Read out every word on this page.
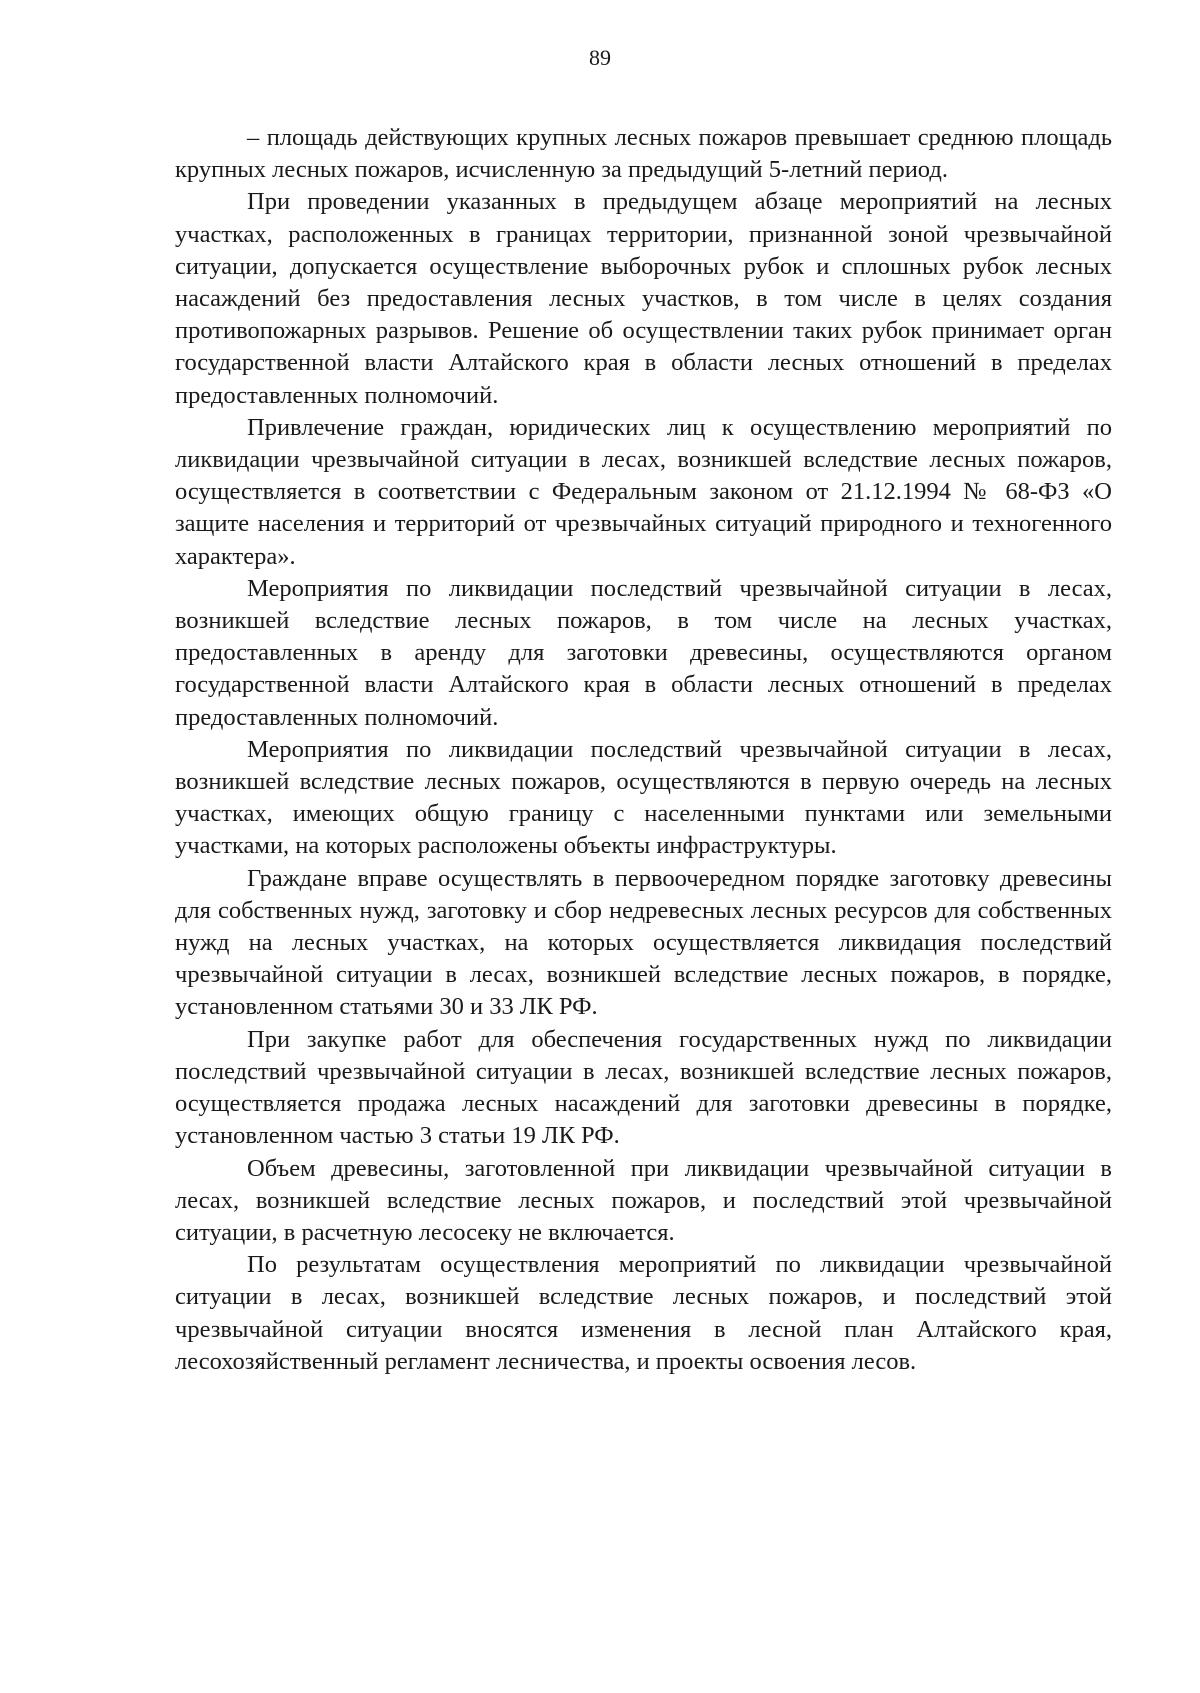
89

– площадь действующих крупных лесных пожаров превышает среднюю площадь крупных лесных пожаров, исчисленную за предыдущий 5-летний период.

При проведении указанных в предыдущем абзаце мероприятий на лесных участках, расположенных в границах территории, признанной зоной чрезвычайной ситуации, допускается осуществление выборочных рубок и сплошных рубок лесных насаждений без предоставления лесных участков, в том числе в целях создания противопожарных разрывов. Решение об осуществлении таких рубок принимает орган государственной власти Алтайского края в области лесных отношений в пределах предоставленных полномочий.

Привлечение граждан, юридических лиц к осуществлению мероприятий по ликвидации чрезвычайной ситуации в лесах, возникшей вследствие лесных пожаров, осуществляется в соответствии с Федеральным законом от 21.12.1994 № 68-ФЗ «О защите населения и территорий от чрезвычайных ситуаций природного и техногенного характера».

Мероприятия по ликвидации последствий чрезвычайной ситуации в лесах, возникшей вследствие лесных пожаров, в том числе на лесных участках, предоставленных в аренду для заготовки древесины, осуществляются органом государственной власти Алтайского края в области лесных отношений в пределах предоставленных полномочий.

Мероприятия по ликвидации последствий чрезвычайной ситуации в лесах, возникшей вследствие лесных пожаров, осуществляются в первую очередь на лесных участках, имеющих общую границу с населенными пунктами или земельными участками, на которых расположены объекты инфраструктуры.

Граждане вправе осуществлять в первоочередном порядке заготовку древесины для собственных нужд, заготовку и сбор недревесных лесных ресурсов для собственных нужд на лесных участках, на которых осуществляется ликвидация последствий чрезвычайной ситуации в лесах, возникшей вследствие лесных пожаров, в порядке, установленном статьями 30 и 33 ЛК РФ.

При закупке работ для обеспечения государственных нужд по ликвидации последствий чрезвычайной ситуации в лесах, возникшей вследствие лесных пожаров, осуществляется продажа лесных насаждений для заготовки древесины в порядке, установленном частью 3 статьи 19 ЛК РФ.

Объем древесины, заготовленной при ликвидации чрезвычайной ситуации в лесах, возникшей вследствие лесных пожаров, и последствий этой чрезвычайной ситуации, в расчетную лесосеку не включается.

По результатам осуществления мероприятий по ликвидации чрезвычайной ситуации в лесах, возникшей вследствие лесных пожаров, и последствий этой чрезвычайной ситуации вносятся изменения в лесной план Алтайского края, лесохозяйственный регламент лесничества, и проекты освоения лесов.
